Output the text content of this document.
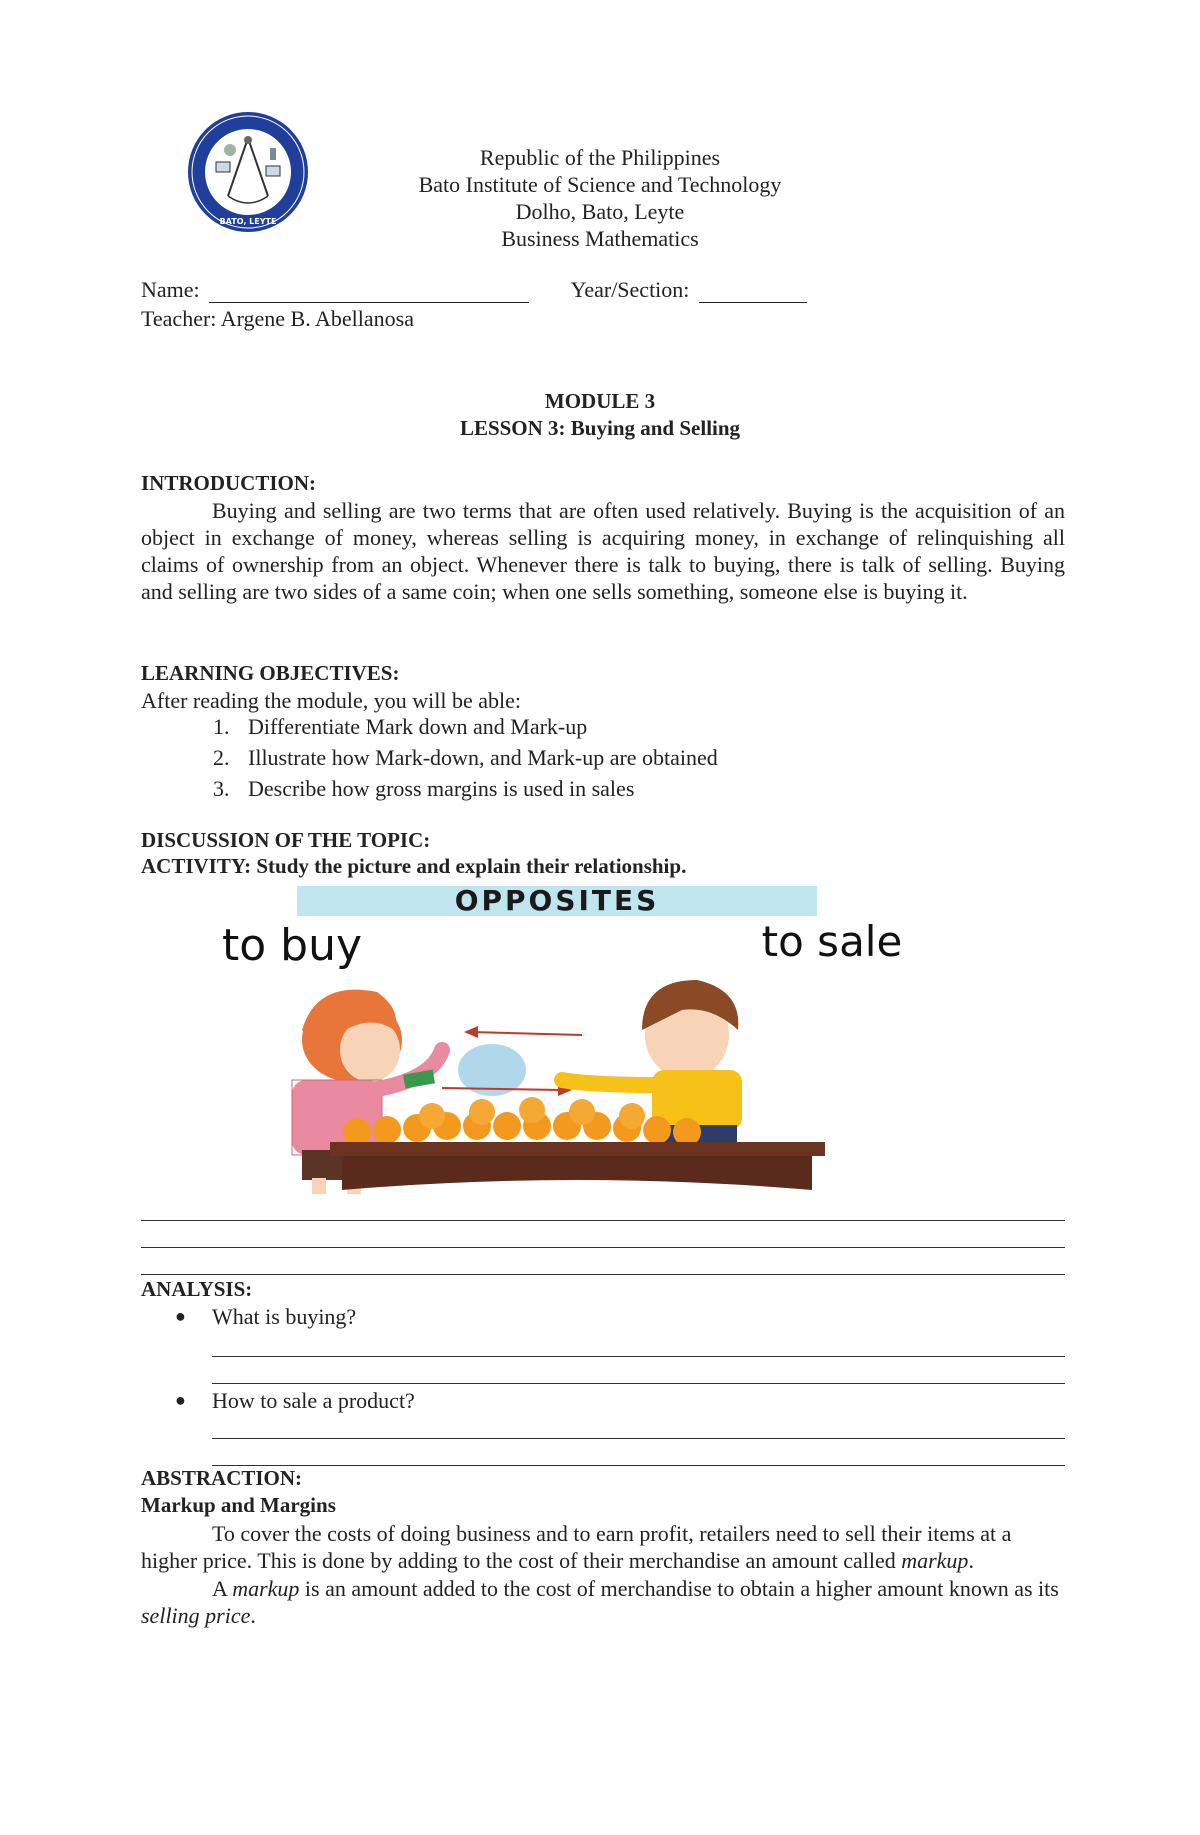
BATO, LEYTE
Republic of the Philippines
Bato Institute of Science and Technology
Dolho, Bato, Leyte
Business Mathematics
Name:	Year/Section:
Teacher: Argene B. Abellanosa
MODULE 3
LESSON 3: Buying and Selling
INTRODUCTION:
Buying and selling are two terms that are often used relatively. Buying is the acquisition of an object in exchange of money, whereas selling is acquiring money, in exchange of relinquishing all claims of ownership from an object. Whenever there is talk to buying, there is talk of selling. Buying and selling are two sides of a same coin; when one sells something, someone else is buying it.
LEARNING OBJECTIVES:
After reading the module, you will be able:
1. Differentiate Mark down and Mark-up
2. Illustrate how Mark-down, and Mark-up are obtained
3. Describe how gross margins is used in sales
DISCUSSION OF THE TOPIC:
ACTIVITY: Study the picture and explain their relationship.
OPPOSITES
to buy	to sale
ANALYSIS:
● What is buying?
● How to sale a product?
ABSTRACTION:
Markup and Margins
To cover the costs of doing business and to earn profit, retailers need to sell their items at a higher price. This is done by adding to the cost of their merchandise an amount called markup.
A markup is an amount added to the cost of merchandise to obtain a higher amount known as its selling price.
